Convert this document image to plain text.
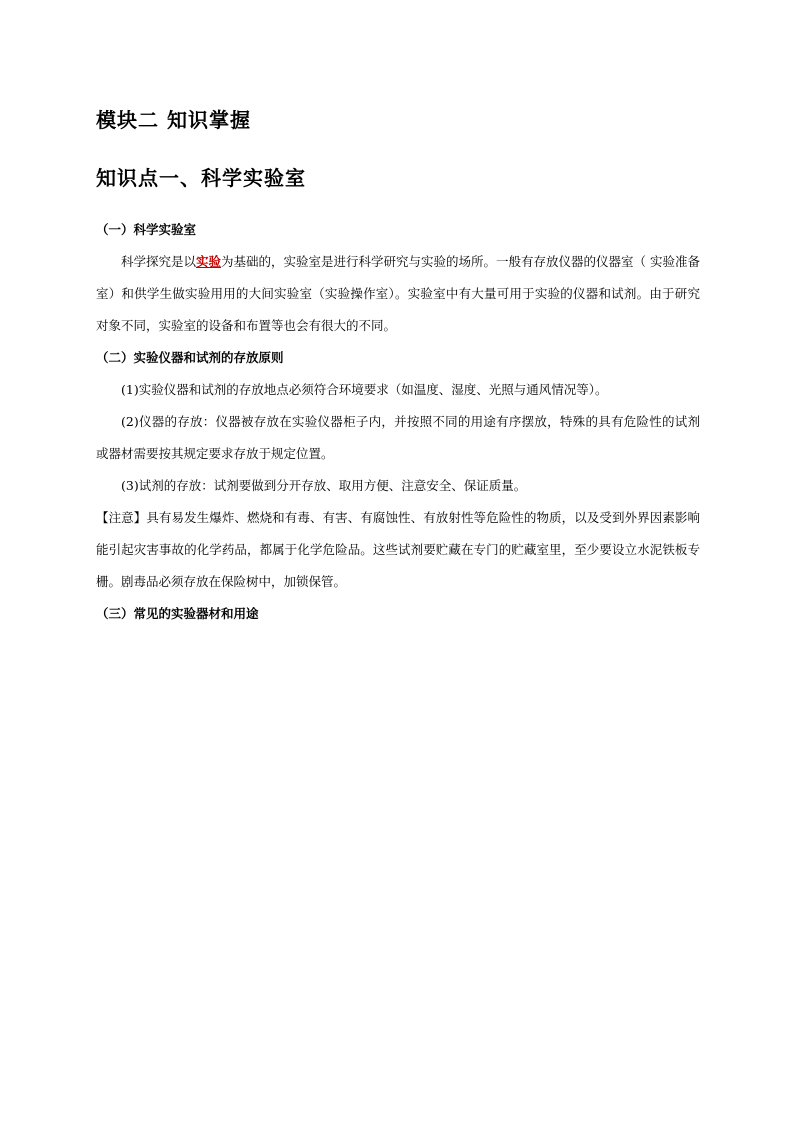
模块二 知识掌握
知识点一、科学实验室

（一）科学实验室

科学探究是以实验为基础的，实验室是进行科学研究与实验的场所。一般有存放仪器的仪器室（ 实验准备室）和供学生做实验用用的大间实验室（实验操作室）。实验室中有大量可用于实验的仪器和试剂。由于研究对象不同，实验室的设备和布置等也会有很大的不同。

（二）实验仪器和试剂的存放原则

(1)实验仪器和试剂的存放地点必须符合环境要求（如温度、湿度、光照与通风情况等）。

(2)仪器的存放：仪器被存放在实验仪器柜子内，并按照不同的用途有序摆放，特殊的具有危险性的试剂或器材需要按其规定要求存放于规定位置。

(3)试剂的存放：试剂要做到分开存放、取用方便、注意安全、保证质量。

【注意】具有易发生爆炸、燃烧和有毒、有害、有腐蚀性、有放射性等危险性的物质，以及受到外界因素影响能引起灾害事故的化学药品，都属于化学危险品。这些试剂要贮藏在专门的贮藏室里，至少要设立水泥铁板专栅。剧毒品必须存放在保险树中，加锁保管。

（三）常见的实验器材和用途
